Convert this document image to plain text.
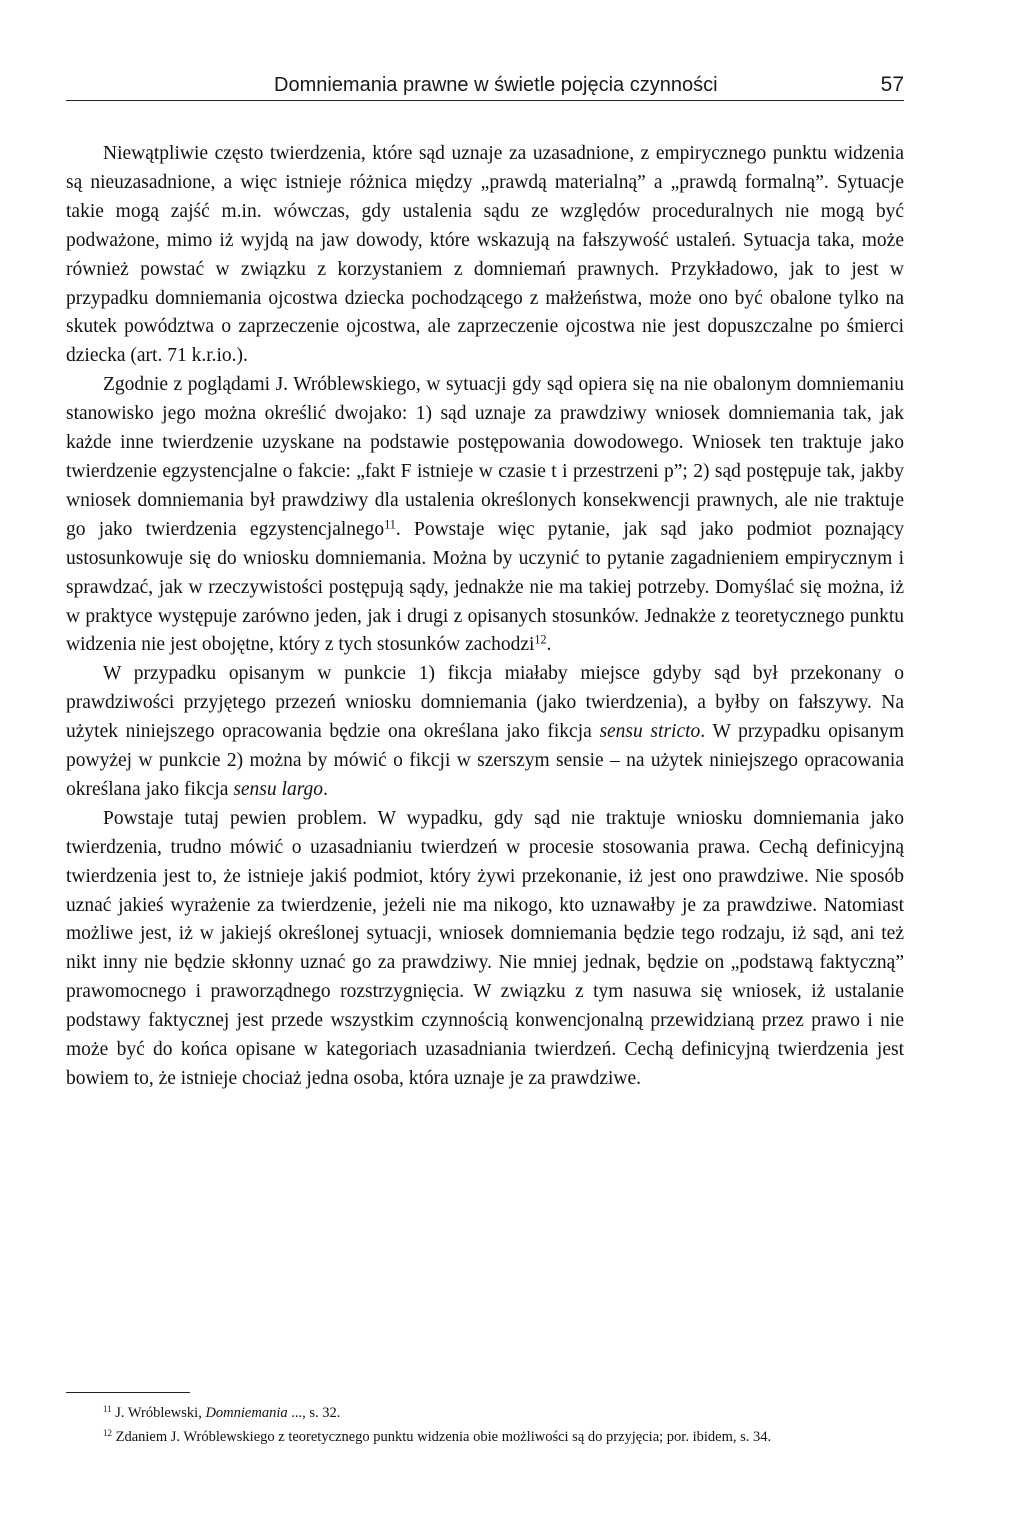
Domniemania prawne w świetle pojęcia czynności	57

Niewątpliwie często twierdzenia, które sąd uznaje za uzasadnione, z empirycznego punktu widzenia są nieuzasadnione, a więc istnieje różnica między „prawdą materialną” a „prawdą formalną”. Sytuacje takie mogą zajść m.in. wówczas, gdy ustalenia sądu ze względów proceduralnych nie mogą być podważone, mimo iż wyjdą na jaw dowody, które wskazują na fałszywość ustaleń. Sytuacja taka, może również powstać w związku z korzystaniem z domniemań prawnych. Przykładowo, jak to jest w przypadku domniemania ojcostwa dziecka pochodzącego z małżeństwa, może ono być obalone tylko na skutek powództwa o zaprzeczenie ojcostwa, ale zaprzeczenie ojcostwa nie jest dopuszczalne po śmierci dziecka (art. 71 k.r.io.).

Zgodnie z poglądami J. Wróblewskiego, w sytuacji gdy sąd opiera się na nie obalonym domniemaniu stanowisko jego można określić dwojako: 1) sąd uznaje za prawdziwy wniosek domniemania tak, jak każde inne twierdzenie uzyskane na podstawie postępowania dowodowego. Wniosek ten traktuje jako twierdzenie egzystencjalne o fakcie: „fakt F istnieje w czasie t i przestrzeni p”; 2) sąd postępuje tak, jakby wniosek domniemania był prawdziwy dla ustalenia określonych konsekwencji prawnych, ale nie traktuje go jako twierdzenia egzystencjalnego$^{11}$. Powstaje więc pytanie, jak sąd jako podmiot poznający ustosunkowuje się do wniosku domniemania. Można by uczynić to pytanie zagadnieniem empirycznym i sprawdzać, jak w rzeczywistości postępują sądy, jednakże nie ma takiej potrzeby. Domyślać się można, iż w praktyce występuje zarówno jeden, jak i drugi z opisanych stosunków. Jednakże z teoretycznego punktu widzenia nie jest obojętne, który z tych stosunków zachodzi$^{12}$.

W przypadku opisanym w punkcie 1) fikcja miałaby miejsce gdyby sąd był przekonany o prawdziwości przyjętego przezeń wniosku domniemania (jako twierdzenia), a byłby on fałszywy. Na użytek niniejszego opracowania będzie ona określana jako fikcja sensu stricto. W przypadku opisanym powyżej w punkcie 2) można by mówić o fikcji w szerszym sensie – na użytek niniejszego opracowania określana jako fikcja sensu largo.

Powstaje tutaj pewien problem. W wypadku, gdy sąd nie traktuje wniosku domniemania jako twierdzenia, trudno mówić o uzasadnianiu twierdzeń w procesie stosowania prawa. Cechą definicyjną twierdzenia jest to, że istnieje jakiś podmiot, który żywi przekonanie, iż jest ono prawdziwe. Nie sposób uznać jakieś wyrażenie za twierdzenie, jeżeli nie ma nikogo, kto uznawałby je za prawdziwe. Natomiast możliwe jest, iż w jakiejś określonej sytuacji, wniosek domniemania będzie tego rodzaju, iż sąd, ani też nikt inny nie będzie skłonny uznać go za prawdziwy. Nie mniej jednak, będzie on „podstawą faktyczną” prawomocnego i praworządnego rozstrzygnięcia. W związku z tym nasuwa się wniosek, iż ustalanie podstawy faktycznej jest przede wszystkim czynnością konwencjonalną przewidzianą przez prawo i nie może być do końca opisane w kategoriach uzasadniania twierdzeń. Cechą definicyjną twierdzenia jest bowiem to, że istnieje chociaż jedna osoba, która uznaje je za prawdziwe.

$^{11}$ J. Wróblewski, Domniemania ..., s. 32.

$^{12}$ Zdaniem J. Wróblewskiego z teoretycznego punktu widzenia obie możliwości są do przyjęcia; por. ibidem, s. 34.
